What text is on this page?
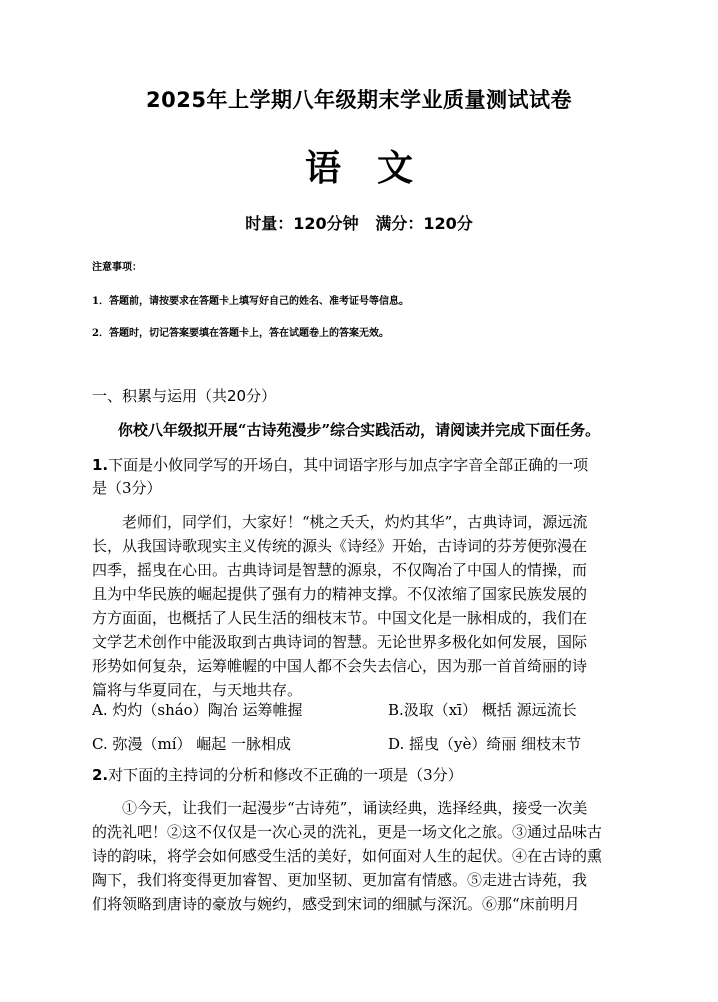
2025年上学期八年级期末学业质量测试试卷
语文
时量：120分钟   满分：120分
注意事项：
1．答题前，请按要求在答题卡上填写好自己的姓名、准考证号等信息。
2．答题时，切记答案要填在答题卡上，答在试题卷上的答案无效。
一、积累与运用（共20分）
你校八年级拟开展“古诗苑漫步”综合实践活动，请阅读并完成下面任务。
1.下面是小攸同学写的开场白，其中词语字形与加点字字音全部正确的一项
是（3分）
老师们，同学们，大家好！“桃之夭夭，灼灼其华”，古典诗词，源远流
长，从我国诗歌现实主义传统的源头《诗经》开始，古诗词的芬芳便弥漫在
四季，摇曳在心田。古典诗词是智慧的源泉，不仅陶冶了中国人的情操，而
且为中华民族的崛起提供了强有力的精神支撑。不仅浓缩了国家民族发展的
方方面面，也概括了人民生活的细枝末节。中国文化是一脉相成的，我们在
文学艺术创作中能汲取到古典诗词的智慧。无论世界多极化如何发展，国际
形势如何复杂，运筹帷幄的中国人都不会失去信心，因为那一首首绮丽的诗
篇将与华夏同在，与天地共存。
A. 灼灼（sháo）陶冶 运筹帷握	B.汲取（xī） 概括 源远流长
C. 弥漫（mí） 崛起 一脉相成	D. 摇曳（yè）绮丽 细枝末节
2.对下面的主持词的分析和修改不正确的一项是（3分）
①今天，让我们一起漫步“古诗苑”，诵读经典，选择经典，接受一次美
的洗礼吧！②这不仅仅是一次心灵的洗礼，更是一场文化之旅。③通过品味古
诗的韵味，将学会如何感受生活的美好，如何面对人生的起伏。④在古诗的熏
陶下，我们将变得更加睿智、更加坚韧、更加富有情感。⑤走进古诗苑，我
们将领略到唐诗的豪放与婉约，感受到宋词的细腻与深沉。⑥那“床前明月
